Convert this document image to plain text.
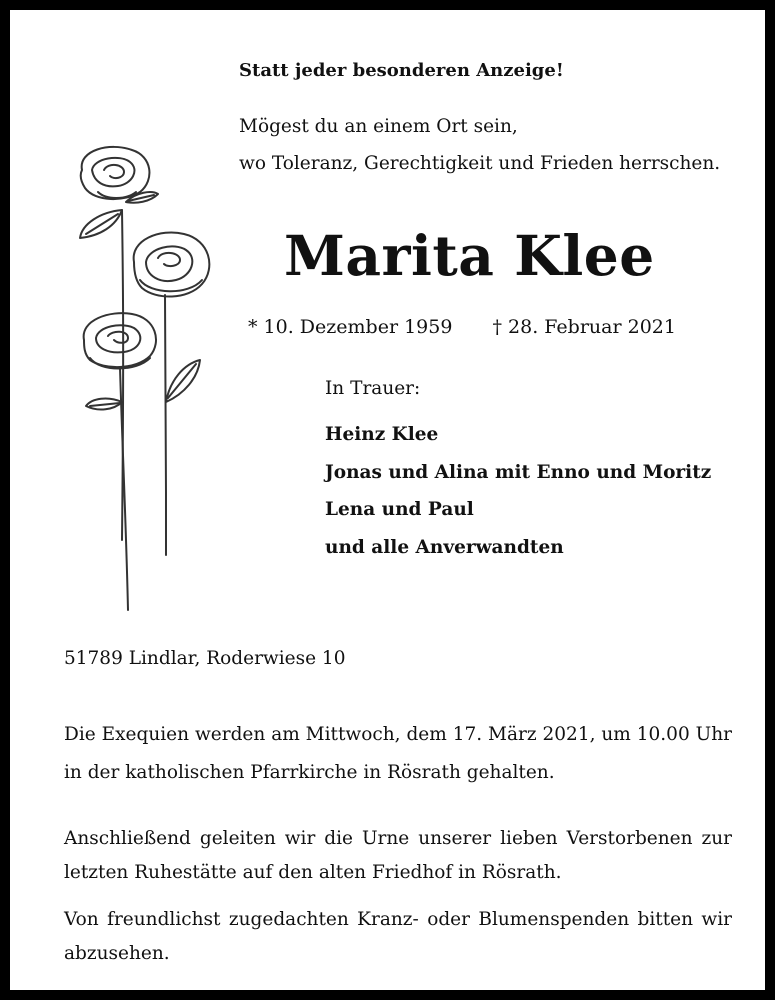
Statt jeder besonderen Anzeige!
Mögest du an einem Ort sein,
wo Toleranz, Gerechtigkeit und Frieden herrschen.
Marita Klee
* 10. Dezember 1959 † 28. Februar 2021
In Trauer:
Heinz Klee
Jonas und Alina mit Enno und Moritz
Lena und Paul
und alle Anverwandten
51789 Lindlar, Roderwiese 10

Die Exequien werden am Mittwoch, dem 17. März 2021, um 10.00 Uhr in der katholischen Pfarrkirche in Rösrath gehalten.

Anschließend geleiten wir die Urne unserer lieben Verstorbenen zur letzten Ruhestätte auf den alten Friedhof in Rösrath.

Von freundlichst zugedachten Kranz- oder Blumenspenden bitten wir abzusehen.
